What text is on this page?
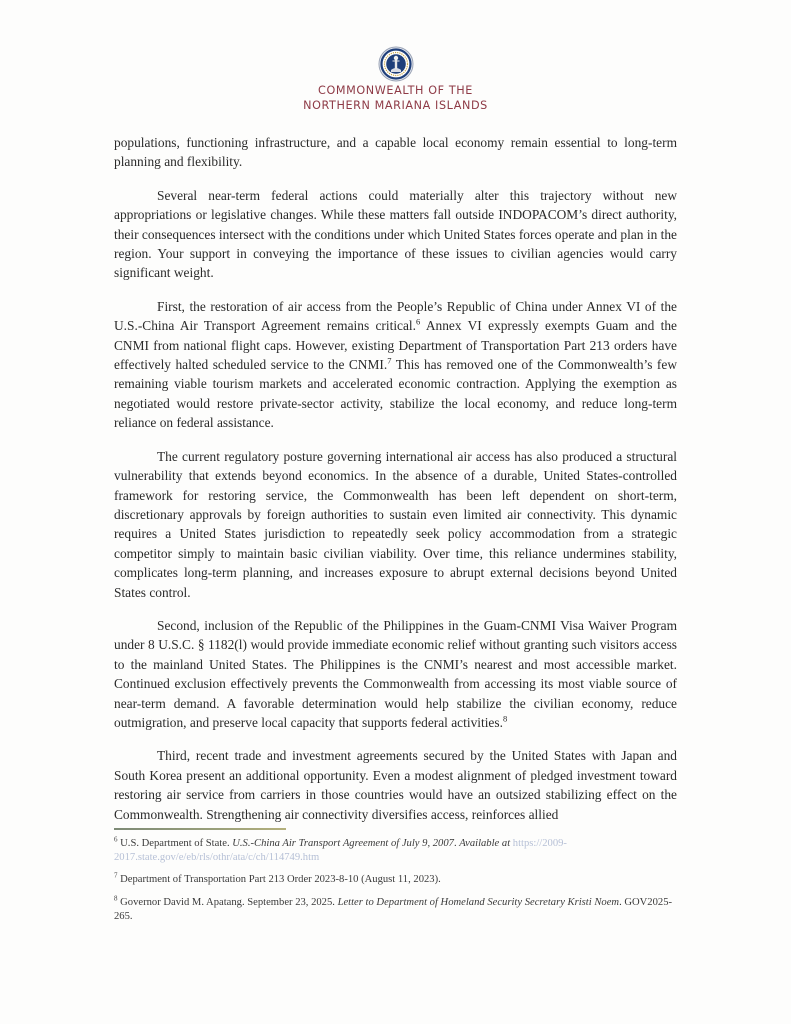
COMMONWEALTH OF THE
NORTHERN MARIANA ISLANDS

populations, functioning infrastructure, and a capable local economy remain essential to long-term planning and flexibility.

Several near-term federal actions could materially alter this trajectory without new appropriations or legislative changes. While these matters fall outside INDOPACOM’s direct authority, their consequences intersect with the conditions under which United States forces operate and plan in the region. Your support in conveying the importance of these issues to civilian agencies would carry significant weight.

First, the restoration of air access from the People’s Republic of China under Annex VI of the U.S.-China Air Transport Agreement remains critical.$^6$ Annex VI expressly exempts Guam and the CNMI from national flight caps. However, existing Department of Transportation Part 213 orders have effectively halted scheduled service to the CNMI.$^7$ This has removed one of the Commonwealth’s few remaining viable tourism markets and accelerated economic contraction. Applying the exemption as negotiated would restore private-sector activity, stabilize the local economy, and reduce long-term reliance on federal assistance.

The current regulatory posture governing international air access has also produced a structural vulnerability that extends beyond economics. In the absence of a durable, United States-controlled framework for restoring service, the Commonwealth has been left dependent on short-term, discretionary approvals by foreign authorities to sustain even limited air connectivity. This dynamic requires a United States jurisdiction to repeatedly seek policy accommodation from a strategic competitor simply to maintain basic civilian viability. Over time, this reliance undermines stability, complicates long-term planning, and increases exposure to abrupt external decisions beyond United States control.

Second, inclusion of the Republic of the Philippines in the Guam-CNMI Visa Waiver Program under 8 U.S.C. § 1182(l) would provide immediate economic relief without granting such visitors access to the mainland United States. The Philippines is the CNMI’s nearest and most accessible market. Continued exclusion effectively prevents the Commonwealth from accessing its most viable source of near-term demand. A favorable determination would help stabilize the civilian economy, reduce outmigration, and preserve local capacity that supports federal activities.$^8$

Third, recent trade and investment agreements secured by the United States with Japan and South Korea present an additional opportunity. Even a modest alignment of pledged investment toward restoring air service from carriers in those countries would have an outsized stabilizing effect on the Commonwealth. Strengthening air connectivity diversifies access, reinforces allied

$^6$ U.S. Department of State. U.S.-China Air Transport Agreement of July 9, 2007. Available at https://2009-2017.state.gov/e/eb/rls/othr/ata/c/ch/114749.htm
$^7$ Department of Transportation Part 213 Order 2023-8-10 (August 11, 2023).
$^8$ Governor David M. Apatang. September 23, 2025. Letter to Department of Homeland Security Secretary Kristi Noem. GOV2025-265.
